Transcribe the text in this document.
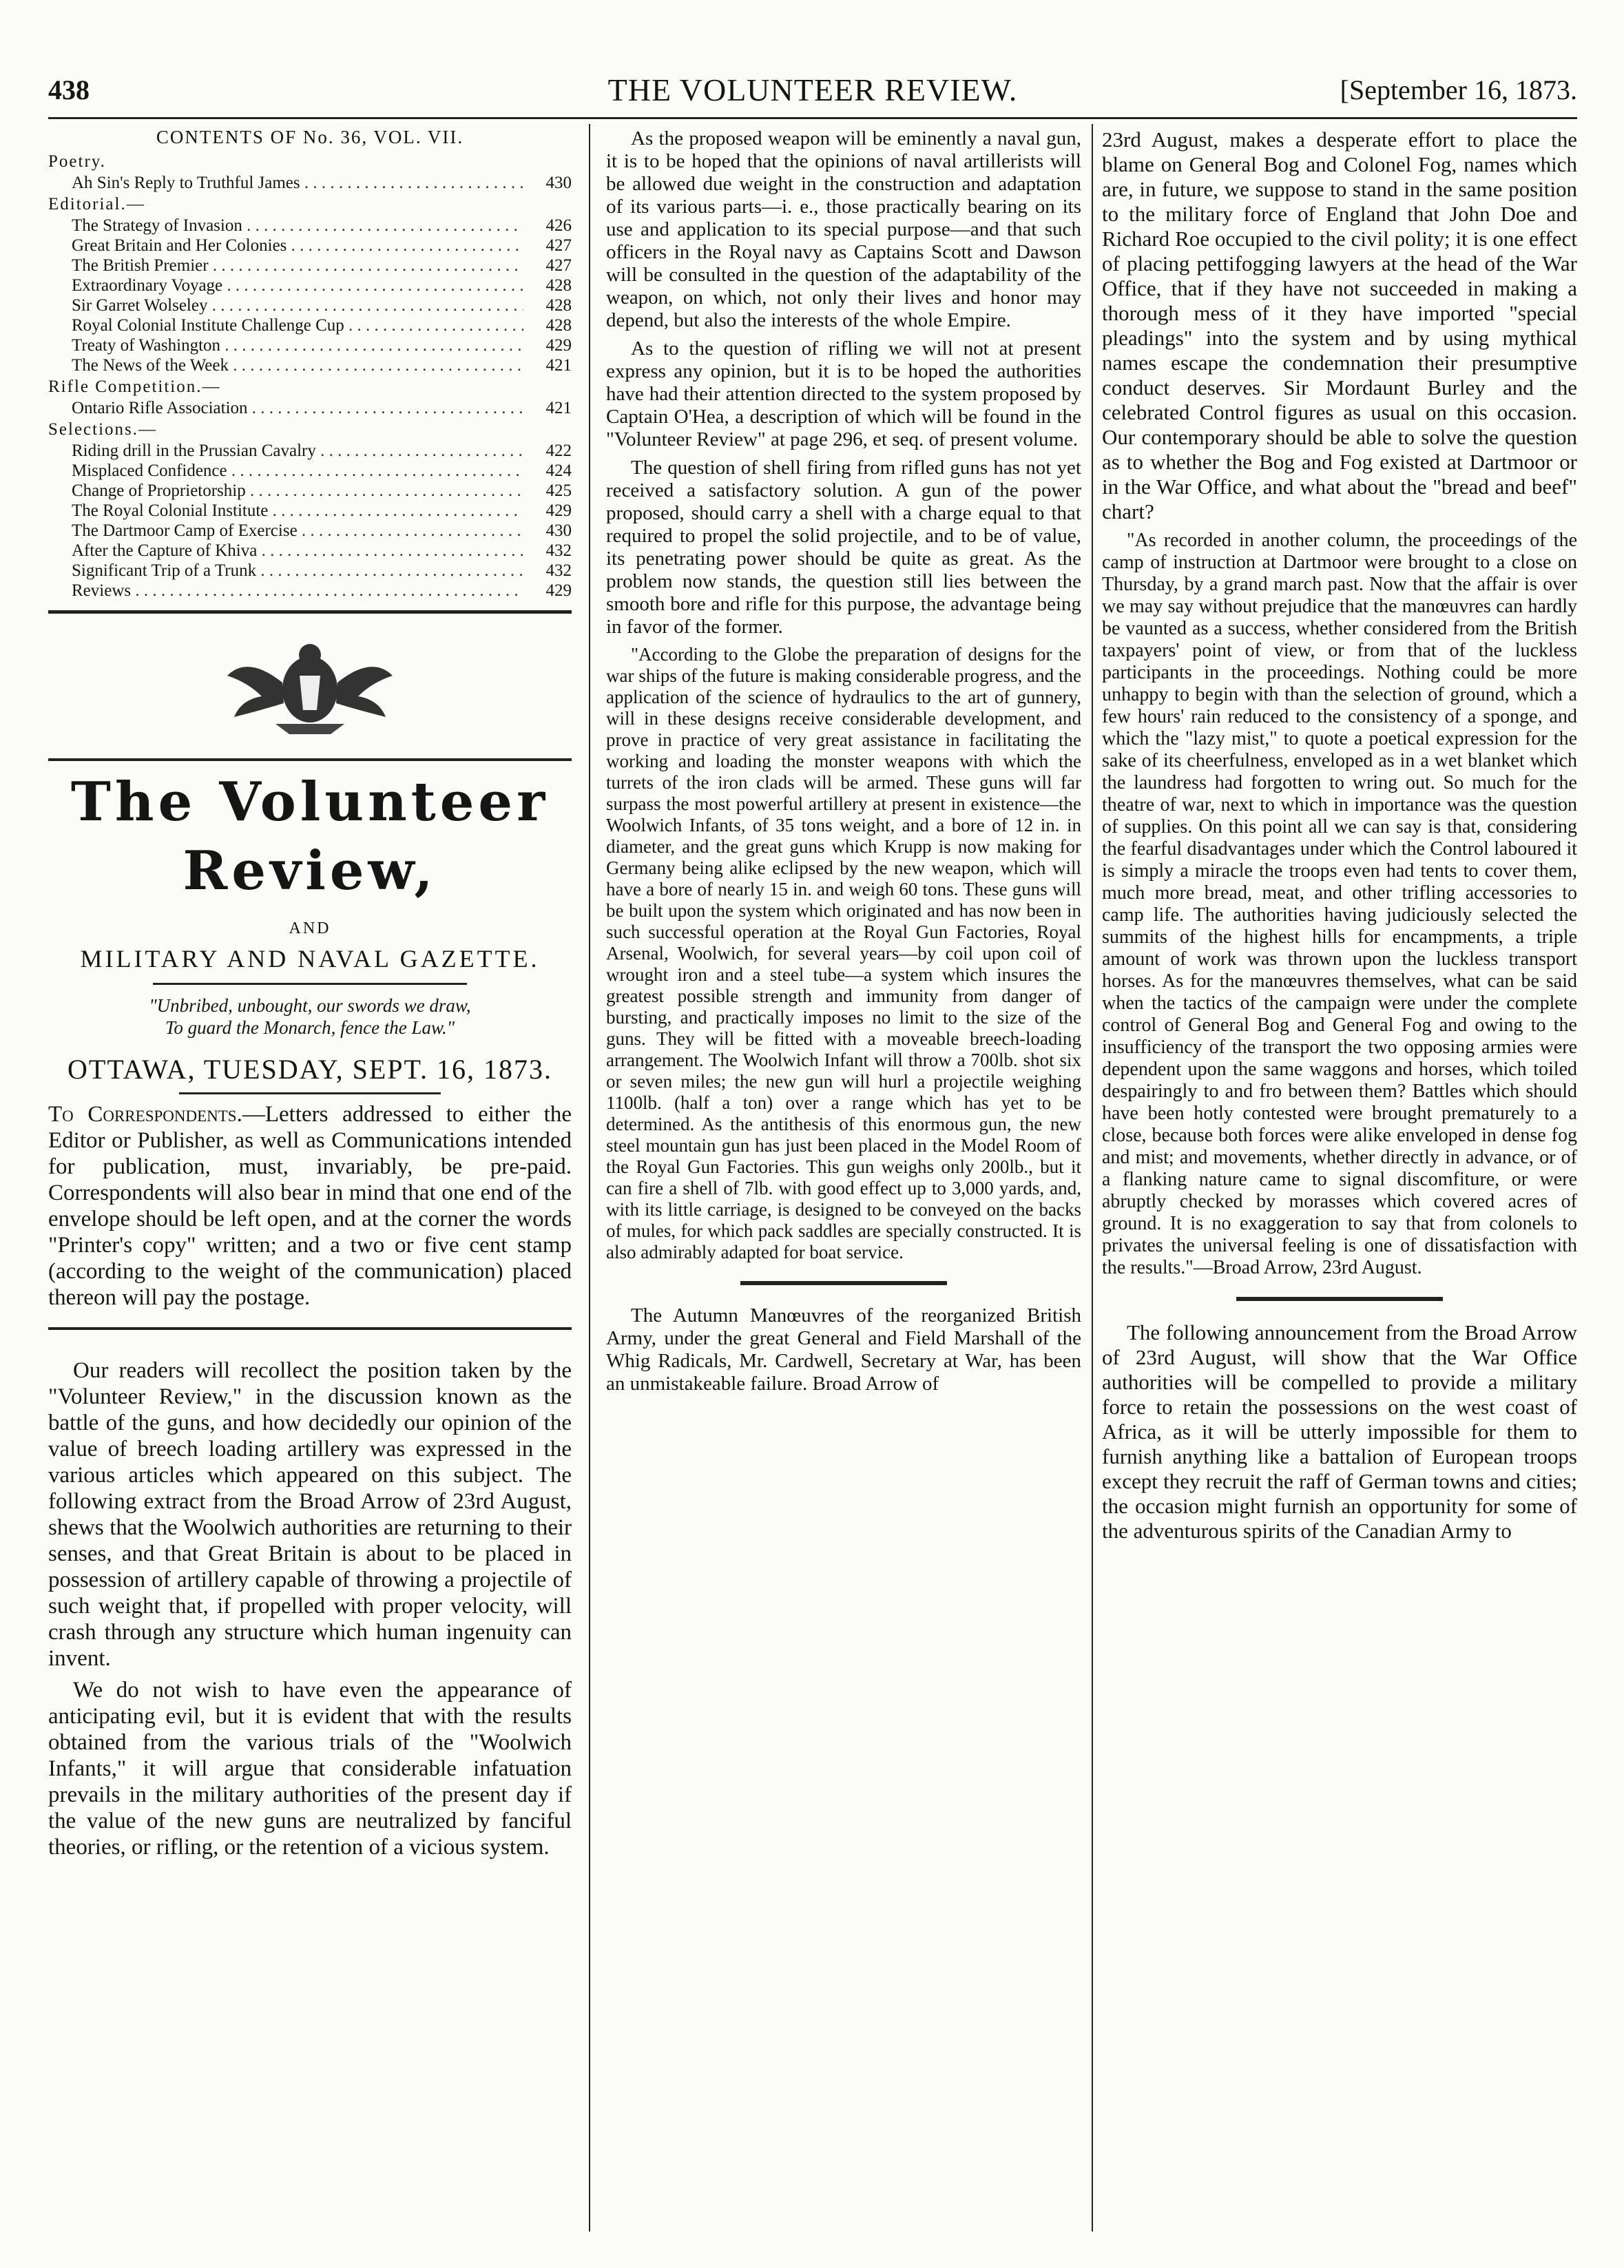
438	THE VOLUNTEER REVIEW.	[September 16, 1873.
CONTENTS OF No. 36, VOL. VII.
Poetry.
Ah Sin's Reply to Truthful James . . .	430
Editorial.—
The Strategy of Invasion . . .	426
Great Britain and Her Colonies . . .	427
The British Premier . . .	427
Extraordinary Voyage . . .	428
Sir Garret Wolseley . . .	428
Royal Colonial Institute Challenge Cup . . .	428
Treaty of Washington . . .	429
The News of the Week . . .	421
Rifle Competition.—
Ontario Rifle Association . . .	421
Selections.—
Riding drill in the Prussian Cavalry . . .	422
Misplaced Confidence . . .	424
Change of Proprietorship . . .	425
The Royal Colonial Institute . . .	429
The Dartmoor Camp of Exercise . . .	430
After the Capture of Khiva . . .	432
Significant Trip of a Trunk . . .	432
Reviews . . .	429
The Volunteer Review,
AND
MILITARY AND NAVAL GAZETTE.
"Unbribed, unbought, our swords we draw,
To guard the Monarch, fence the Law."
OTTAWA, TUESDAY, SEPT. 16, 1873.

To Correspondents.—Letters addressed to either the Editor or Publisher, as well as Communications intended for publication, must, invariably, be pre-paid. Correspondents will also bear in mind that one end of the envelope should be left open, and at the corner the words "Printer's copy" written; and a two or five cent stamp (according to the weight of the communication) placed thereon will pay the postage.

Our readers will recollect the position taken by the "Volunteer Review," in the discussion known as the battle of the guns, and how decidedly our opinion of the value of breech loading artillery was expressed in the various articles which appeared on this subject. The following extract from the Broad Arrow of 23rd August, shews that the Woolwich authorities are returning to their senses, and that Great Britain is about to be placed in possession of artillery capable of throwing a projectile of such weight that, if propelled with proper velocity, will crash through any structure which human ingenuity can invent.

We do not wish to have even the appearance of anticipating evil, but it is evident that with the results obtained from the various trials of the "Woolwich Infants," it will argue that considerable infatuation prevails in the military authorities of the present day if the value of the new guns are neutralized by fanciful theories, or rifling, or the retention of a vicious system.

As the proposed weapon will be eminently a naval gun, it is to be hoped that the opinions of naval artillerists will be allowed due weight in the construction and adaptation of its various parts—i. e., those practically bearing on its use and application to its special purpose—and that such officers in the Royal navy as Captains Scott and Dawson will be consulted in the question of the adaptability of the weapon, on which, not only their lives and honor may depend, but also the interests of the whole Empire.

As to the question of rifling we will not at present express any opinion, but it is to be hoped the authorities have had their attention directed to the system proposed by Captain O'Hea, a description of which will be found in the "Volunteer Review" at page 296, et seq. of present volume.

The question of shell firing from rifled guns has not yet received a satisfactory solution. A gun of the power proposed, should carry a shell with a charge equal to that required to propel the solid projectile, and to be of value, its penetrating power should be quite as great. As the problem now stands, the question still lies between the smooth bore and rifle for this purpose, the advantage being in favor of the former.

"According to the Globe the preparation of designs for the war ships of the future is making considerable progress, and the application of the science of hydraulics to the art of gunnery, will in these designs receive considerable development, and prove in practice of very great assistance in facilitating the working and loading the monster weapons with which the turrets of the iron clads will be armed. These guns will far surpass the most powerful artillery at present in existence—the Woolwich Infants, of 35 tons weight, and a bore of 12 in. in diameter, and the great guns which Krupp is now making for Germany being alike eclipsed by the new weapon, which will have a bore of nearly 15 in. and weigh 60 tons. These guns will be built upon the system which originated and has now been in such successful operation at the Royal Gun Factories, Royal Arsenal, Woolwich, for several years—by coil upon coil of wrought iron and a steel tube—a system which insures the greatest possible strength and immunity from danger of bursting, and practically imposes no limit to the size of the guns. They will be fitted with a moveable breech-loading arrangement. The Woolwich Infant will throw a 700lb. shot six or seven miles; the new gun will hurl a projectile weighing 1100lb. (half a ton) over a range which has yet to be determined. As the antithesis of this enormous gun, the new steel mountain gun has just been placed in the Model Room of the Royal Gun Factories. This gun weighs only 200lb., but it can fire a shell of 7lb. with good effect up to 3,000 yards, and, with its little carriage, is designed to be conveyed on the backs of mules, for which pack saddles are specially constructed. It is also admirably adapted for boat service.

The Autumn Manœuvres of the reorganized British Army, under the great General and Field Marshall of the Whig Radicals, Mr. Cardwell, Secretary at War, has been an unmistakeable failure. Broad Arrow of

23rd August, makes a desperate effort to place the blame on General Bog and Colonel Fog, names which are, in future, we suppose to stand in the same position to the military force of England that John Doe and Richard Roe occupied to the civil polity; it is one effect of placing pettifogging lawyers at the head of the War Office, that if they have not succeeded in making a thorough mess of it they have imported "special pleadings" into the system and by using mythical names escape the condemnation their presumptive conduct deserves. Sir Mordaunt Burley and the celebrated Control figures as usual on this occasion. Our contemporary should be able to solve the question as to whether the Bog and Fog existed at Dartmoor or in the War Office, and what about the "bread and beef" chart?

"As recorded in another column, the proceedings of the camp of instruction at Dartmoor were brought to a close on Thursday, by a grand march past. Now that the affair is over we may say without prejudice that the manœuvres can hardly be vaunted as a success, whether considered from the British taxpayers' point of view, or from that of the luckless participants in the proceedings. Nothing could be more unhappy to begin with than the selection of ground, which a few hours' rain reduced to the consistency of a sponge, and which the "lazy mist," to quote a poetical expression for the sake of its cheerfulness, enveloped as in a wet blanket which the laundress had forgotten to wring out. So much for the theatre of war, next to which in importance was the question of supplies. On this point all we can say is that, considering the fearful disadvantages under which the Control laboured it is simply a miracle the troops even had tents to cover them, much more bread, meat, and other trifling accessories to camp life. The authorities having judiciously selected the summits of the highest hills for encampments, a triple amount of work was thrown upon the luckless transport horses. As for the manœuvres themselves, what can be said when the tactics of the campaign were under the complete control of General Bog and General Fog and owing to the insufficiency of the transport the two opposing armies were dependent upon the same waggons and horses, which toiled despairingly to and fro between them? Battles which should have been hotly contested were brought prematurely to a close, because both forces were alike enveloped in dense fog and mist; and movements, whether directly in advance, or of a flanking nature came to signal discomfiture, or were abruptly checked by morasses which covered acres of ground. It is no exaggeration to say that from colonels to privates the universal feeling is one of dissatisfaction with the results."—Broad Arrow, 23rd August.

The following announcement from the Broad Arrow of 23rd August, will show that the War Office authorities will be compelled to provide a military force to retain the possessions on the west coast of Africa, as it will be utterly impossible for them to furnish anything like a battalion of European troops except they recruit the raff of German towns and cities; the occasion might furnish an opportunity for some of the adventurous spirits of the Canadian Army to
